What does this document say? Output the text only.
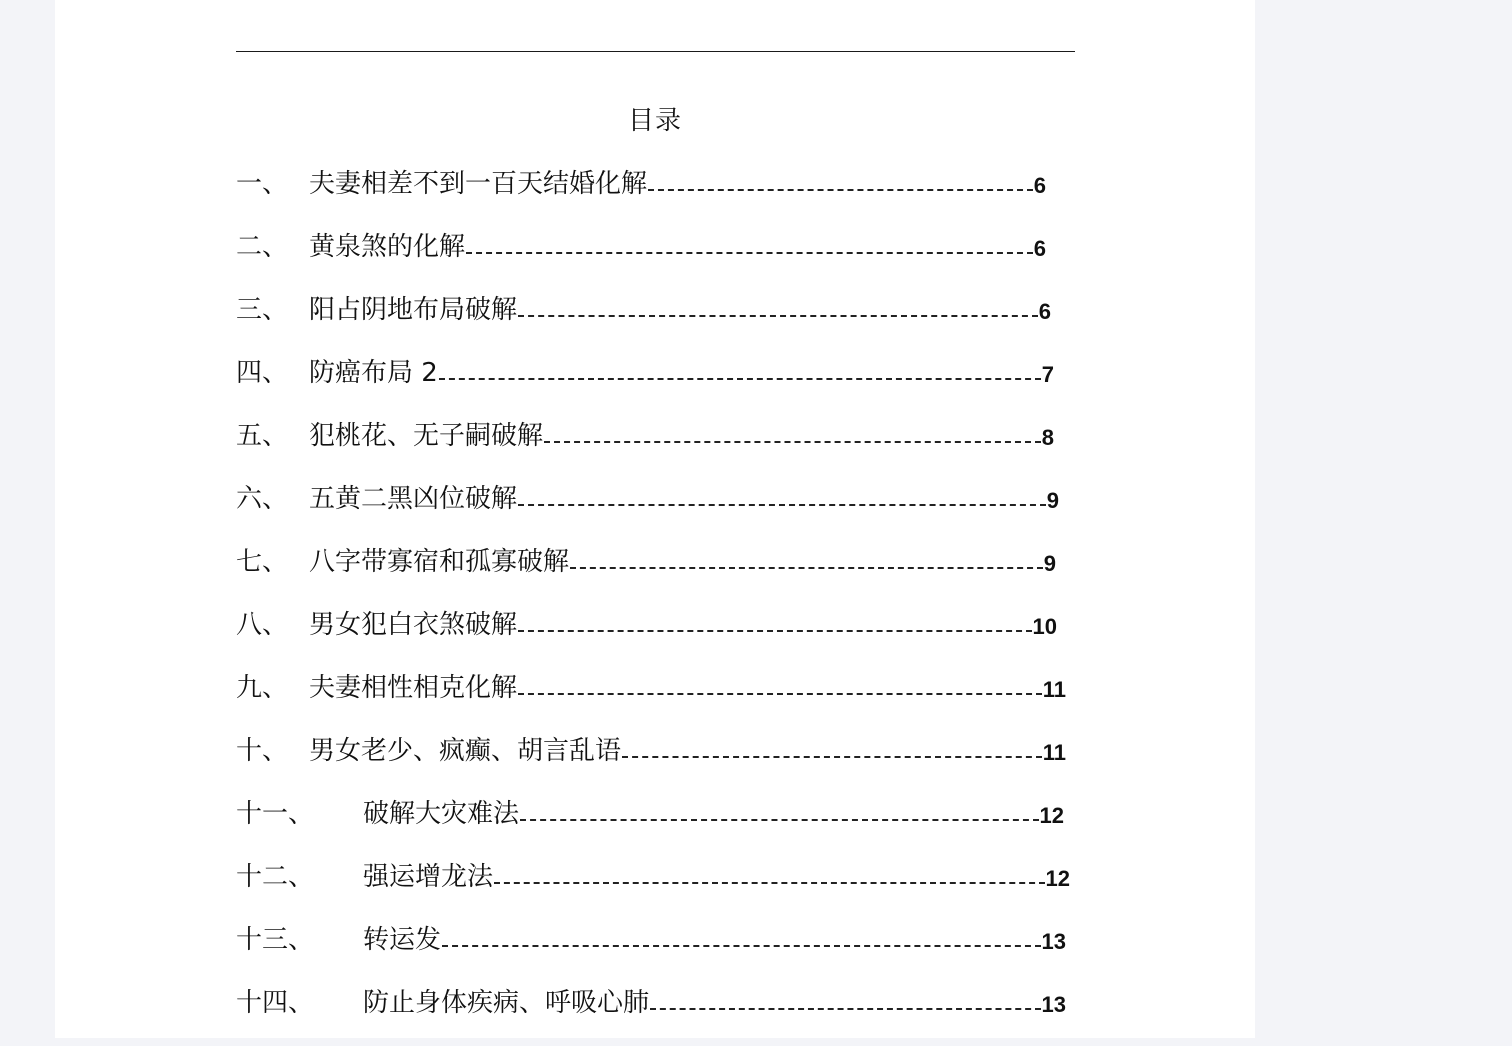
目录
一、 夫妻相差不到一百天结婚化解	6
二、 黄泉煞的化解	6
三、 阳占阴地布局破解	6
四、 防癌布局 2	7
五、 犯桃花、无子嗣破解	8
六、 五黄二黑凶位破解	9
七、 八字带寡宿和孤寡破解	9
八、 男女犯白衣煞破解	10
九、 夫妻相性相克化解	11
十、 男女老少、疯癫、胡言乱语	11
十一、	破解大灾难法	12
十二、	强运增龙法	12
十三、	转运发	13
十四、	防止身体疾病、呼吸心肺	13
